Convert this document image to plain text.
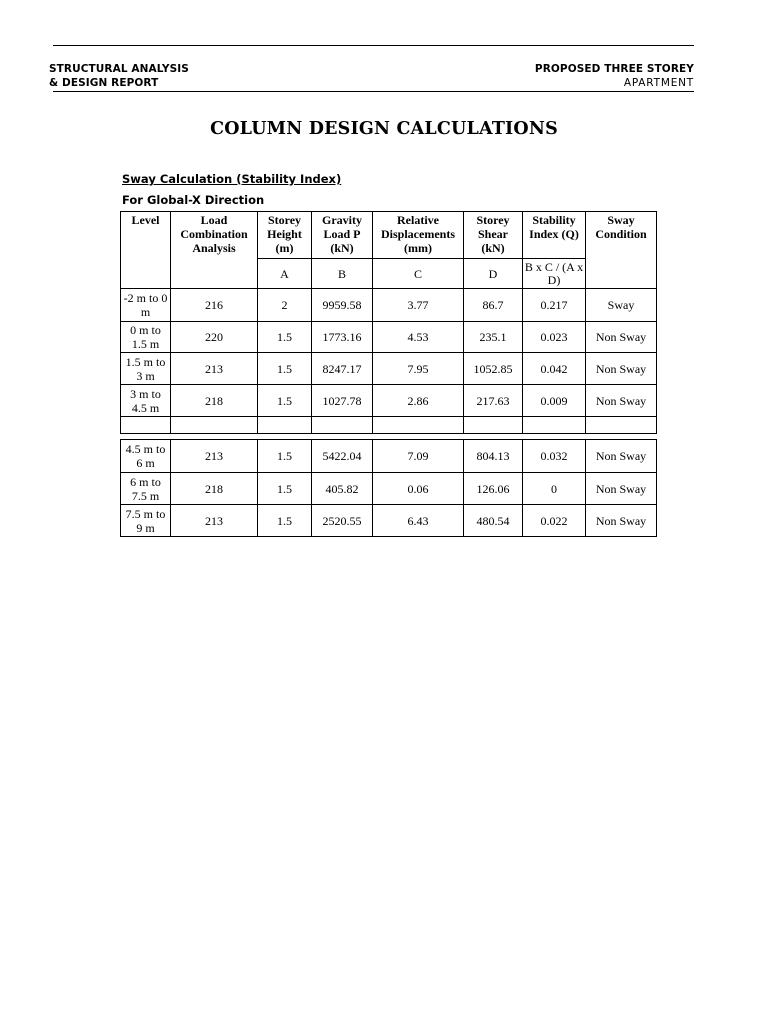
STRUCTURAL ANALYSIS
& DESIGN REPORT
PROPOSED THREE STOREY
APARTMENT
COLUMN DESIGN CALCULATIONS
Sway Calculation (Stability Index)
For Global-X Direction
Level	Load Combination Analysis	Storey Height (m)	Gravity Load P (kN)	Relative Displacements (mm)	Storey Shear (kN)	Stability Index (Q)	Sway Condition
		A	B	C	D	B x C / (A x D)	
-2 m to 0 m	216	2	9959.58	3.77	86.7	0.217	Sway
0 m to 1.5 m	220	1.5	1773.16	4.53	235.1	0.023	Non Sway
1.5 m to 3 m	213	1.5	8247.17	7.95	1052.85	0.042	Non Sway
3 m to 4.5 m	218	1.5	1027.78	2.86	217.63	0.009	Non Sway

4.5 m to 6 m	213	1.5	5422.04	7.09	804.13	0.032	Non Sway
6 m to 7.5 m	218	1.5	405.82	0.06	126.06	0	Non Sway
7.5 m to 9 m	213	1.5	2520.55	6.43	480.54	0.022	Non Sway
